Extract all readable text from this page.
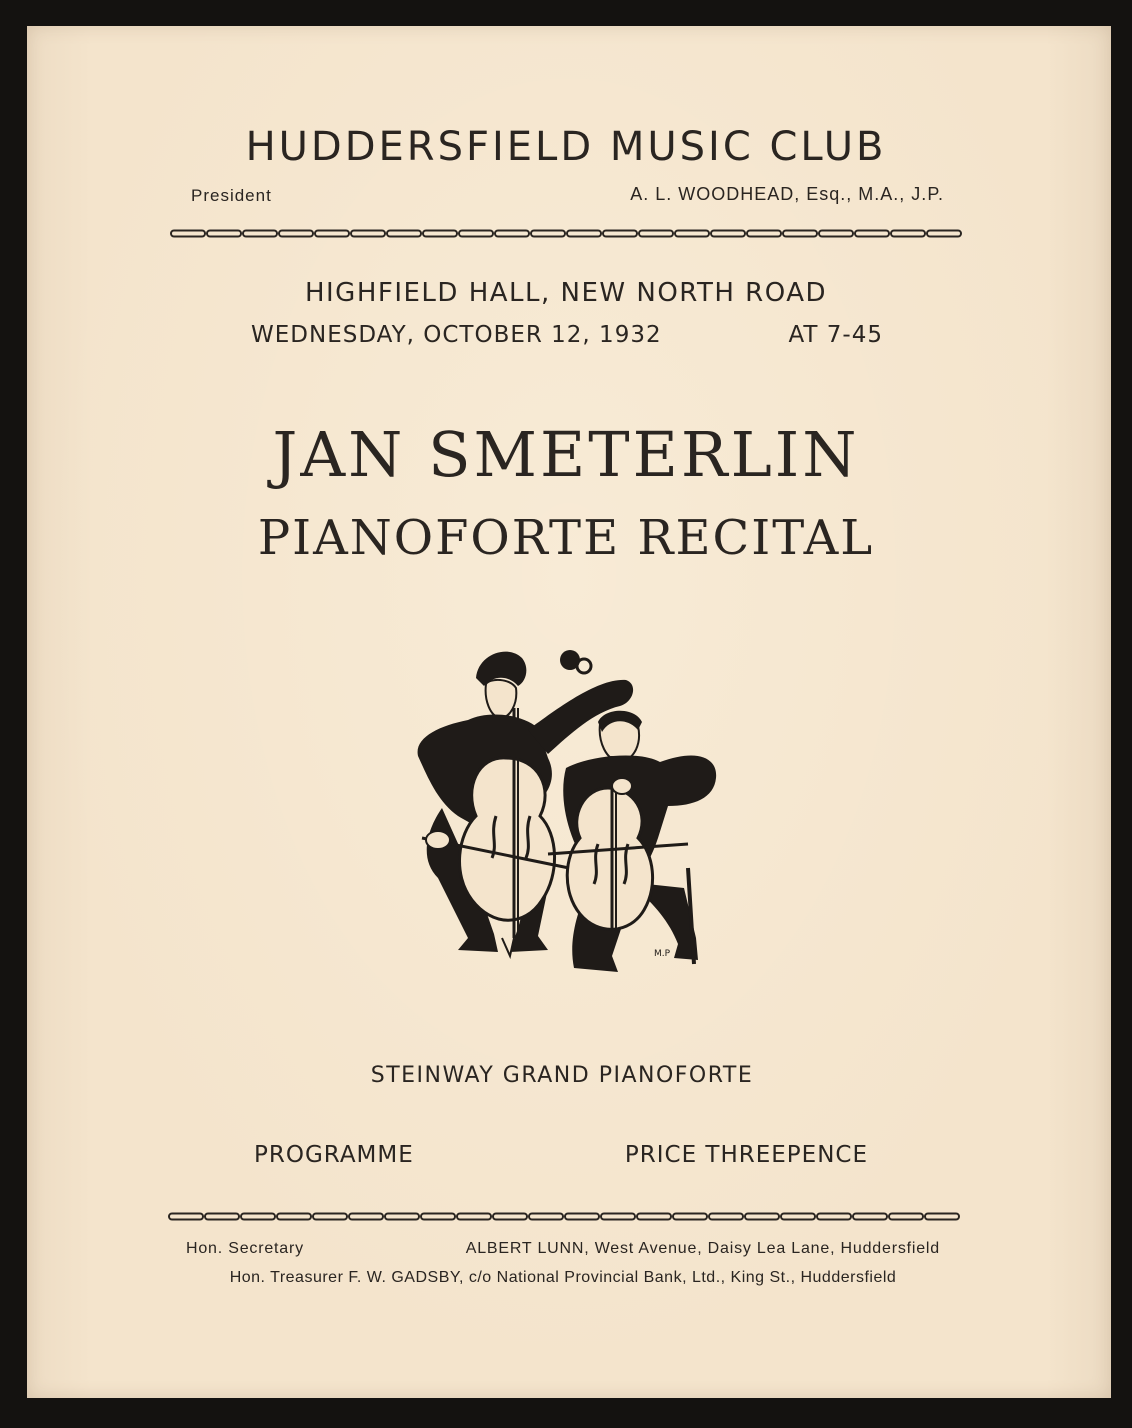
HUDDERSFIELD MUSIC CLUB
President	A. L. WOODHEAD, Esq., M.A., J.P.
HIGHFIELD HALL, NEW NORTH ROAD
WEDNESDAY, OCTOBER 12, 1932	AT 7-45
JAN SMETERLIN
PIANOFORTE RECITAL
M.P
STEINWAY GRAND PIANOFORTE
PROGRAMME	PRICE THREEPENCE
Hon. Secretary	ALBERT LUNN, West Avenue, Daisy Lea Lane, Huddersfield
Hon. Treasurer F. W. GADSBY, c/o National Provincial Bank, Ltd., King St., Huddersfield
